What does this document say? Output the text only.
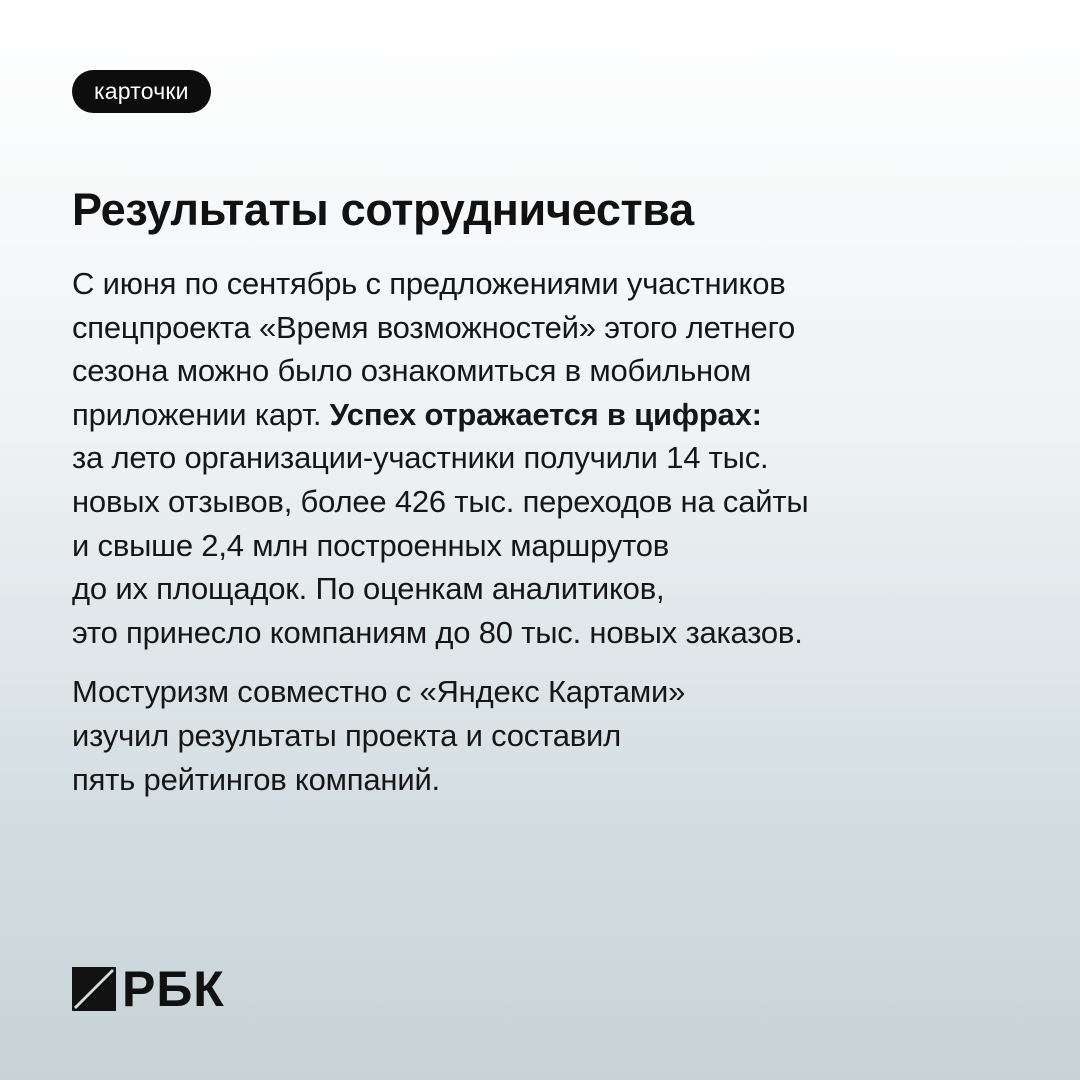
карточки
Результаты сотрудничества

С июня по сентябрь с предложениями участников
спецпроекта «Время возможностей» этого летнего
сезона можно было ознакомиться в мобильном
приложении карт. Успех отражается в цифрах:
за лето организации-участники получили 14 тыс.
новых отзывов, более 426 тыс. переходов на сайты
и свыше 2,4 млн построенных маршрутов
до их площадок. По оценкам аналитиков,
это принесло компаниям до 80 тыс. новых заказов.

Мостуризм совместно с «Яндекс Картами»
изучил результаты проекта и составил
пять рейтингов компаний.

РБК
